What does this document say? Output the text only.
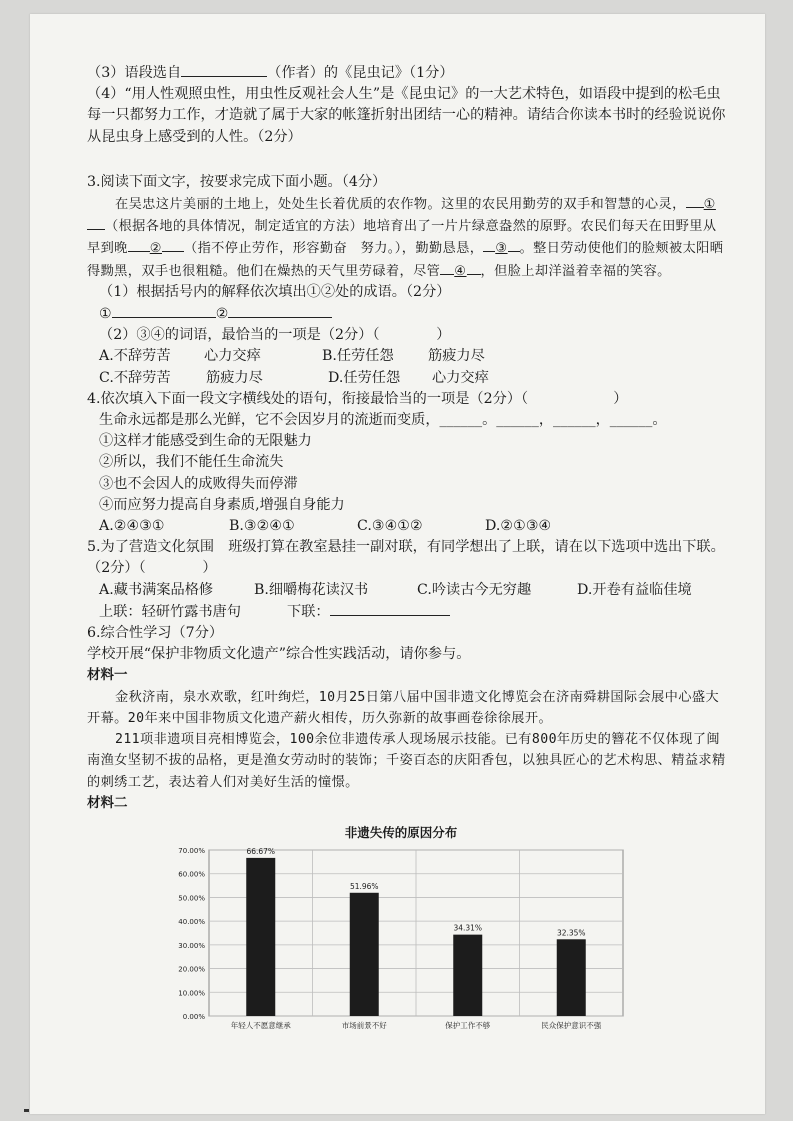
（3）语段选自	（作者）的《昆虫记》（1分）

（4）“用人性观照虫性，用虫性反观社会人生”是《昆虫记》的一大艺术特色，如语段中提到的松毛虫每一只都努力工作，才造就了属于大家的帐篷折射出团结一心的精神。请结合你读本书时的经验说说你从昆虫身上感受到的人性。（2分）

3.阅读下面文字，按要求完成下面小题。（4分）

在吴忠这片美丽的土地上，处处生长着优质的农作物。这里的农民用勤劳的双手和智慧的心灵， ①（根据各地的具体情况，制定适宜的方法）地培育出了一片片绿意盎然的原野。农民们每天在田野里从早到晚 ② （指不停止劳作，形容勤奋　努力。），勤勤恳恳， ③ 。整日劳动使他们的脸颊被太阳晒得黝黑，双手也很粗糙。他们在燥热的天气里劳碌着，尽管 ④ ，但脸上却洋溢着幸福的笑容。

（1）根据括号内的解释依次填出①②处的成语。（2分）

①	②

（2）③④的词语，最恰当的一项是（2分）（　　　　）

A.不辞劳苦	心力交瘁	B.任劳任怨	筋疲力尽

C.不辞劳苦	筋疲力尽	D.任劳任怨	心力交瘁

4.依次填入下面一段文字横线处的语句，衔接最恰当的一项是（2分）（　　　　　　）

生命永远都是那么光鲜，它不会因岁月的流逝而变质，______。______，______，______。

①这样才能感受到生命的无限魅力

②所以，我们不能任生命流失

③也不会因人的成败得失而停滞

④而应努力提高自身素质,增强自身能力

A.②④③①	B.③②④①	C.③④①②	D.②①③④

5.为了营造文化氛围　班级打算在教室悬挂一副对联，有同学想出了上联，请在以下选项中选出下联。（2分）（　　　　）

A.藏书满案品格修	B.细嚼梅花读汉书	C.吟读古今无穷趣	D.开卷有益临佳境

上联：轻研竹露书唐句	下联：

6.综合性学习（7分）

学校开展“保护非物质文化遗产”综合性实践活动，请你参与。

材料一

金秋济南，泉水欢歌，红叶绚烂，10月25日第八届中国非遗文化博览会在济南舜耕国际会展中心盛大开幕。20年来中国非物质文化遗产薪火相传，历久弥新的故事画卷徐徐展开。

211项非遗项目亮相博览会，100余位非遗传承人现场展示技能。已有800年历史的簪花不仅体现了闽南渔女坚韧不拔的品格，更是渔女劳动时的装饰；千姿百态的庆阳香包，以独具匠心的艺术构思、精益求精的刺绣工艺，表达着人们对美好生活的憧憬。

材料二

非遗失传的原因分布
0.00%
10.00%
20.00%
30.00%
40.00%
50.00%
60.00%
70.00%	66.67%
年轻人不愿意继承
51.96%
市场前景不好
34.31%
保护工作不够
32.35%
民众保护意识不强
